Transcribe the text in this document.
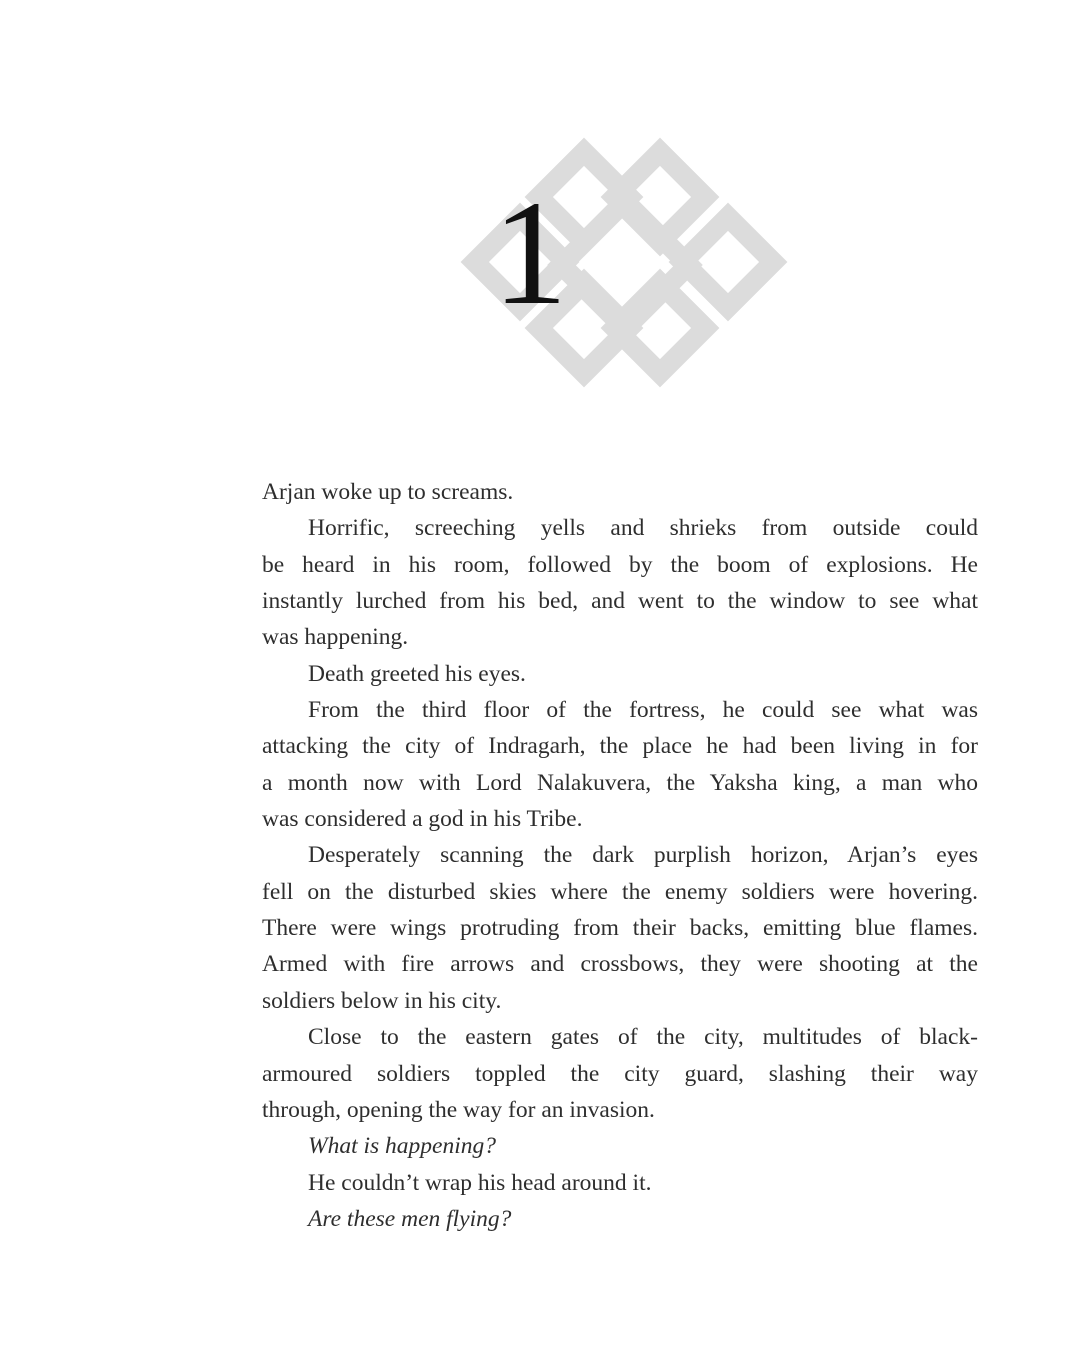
1
Arjan woke up to screams.
Horrific, screeching yells and shrieks from outside could
be heard in his room, followed by the boom of explosions. He
instantly lurched from his bed, and went to the window to see what
was happening.
Death greeted his eyes.
From the third floor of the fortress, he could see what was
attacking the city of Indragarh, the place he had been living in for
a month now with Lord Nalakuvera, the Yaksha king, a man who
was considered a god in his Tribe.
Desperately scanning the dark purplish horizon, Arjan’s eyes
fell on the disturbed skies where the enemy soldiers were hovering.
There were wings protruding from their backs, emitting blue flames.
Armed with fire arrows and crossbows, they were shooting at the
soldiers below in his city.
Close to the eastern gates of the city, multitudes of black-
armoured soldiers toppled the city guard, slashing their way
through, opening the way for an invasion.
What is happening?
He couldn’t wrap his head around it.
Are these men flying?
